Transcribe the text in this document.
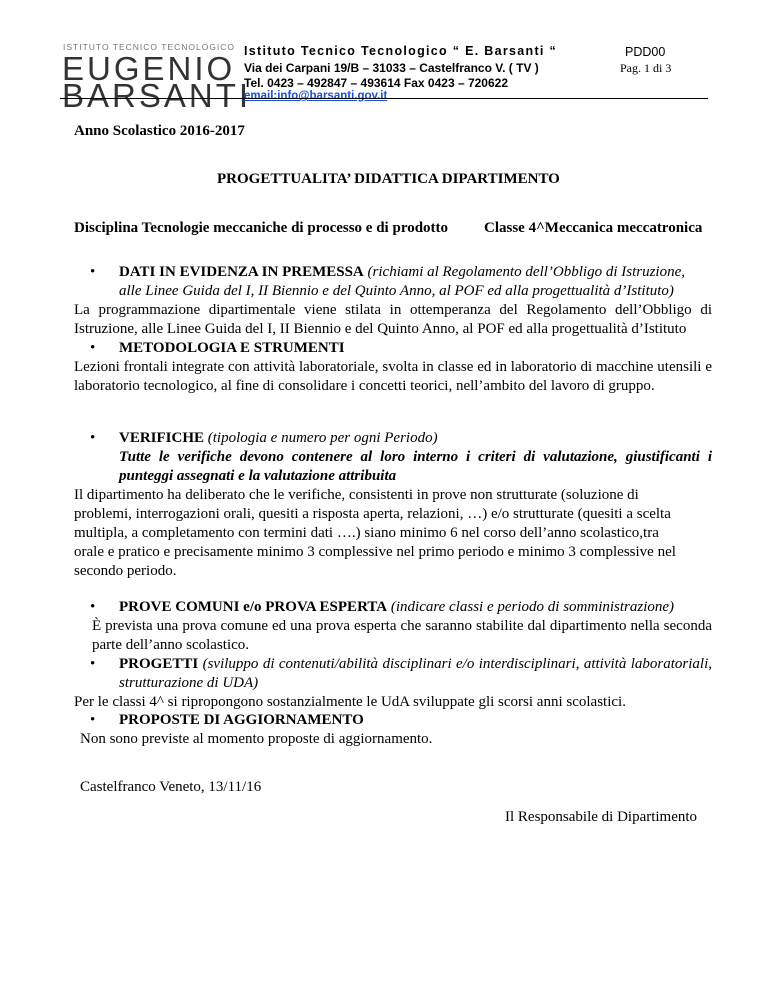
ISTITUTO TECNICO TECNOLOGICO
EUGENIO
BARSANTI
Istituto Tecnico Tecnologico “ E. Barsanti “
Via dei Carpani 19/B – 31033 – Castelfranco V. ( TV )
Tel. 0423 – 492847 – 493614 Fax 0423 – 720622
email:info@barsanti.gov.it
PDD00
Pag. 1 di 3
Anno Scolastico 2016-2017
PROGETTUALITA’ DIDATTICA DIPARTIMENTO
Disciplina Tecnologie meccaniche di processo e di prodotto Classe 4^Meccanica meccatronica
• DATI IN EVIDENZA IN PREMESSA (richiami al Regolamento dell’Obbligo di Istruzione,
alle Linee Guida del I, II Biennio e del Quinto Anno, al POF ed alla progettualità d’Istituto)
La programmazione dipartimentale viene stilata in ottemperanza del Regolamento dell’Obbligo di Istruzione, alle Linee Guida del I, II Biennio e del Quinto Anno, al POF ed alla progettualità d’Istituto
• METODOLOGIA E STRUMENTI
Lezioni frontali integrate con attività laboratoriale, svolta in classe ed in laboratorio di macchine utensili e laboratorio tecnologico, al fine di consolidare i concetti teorici, nell’ambito del lavoro di gruppo.
• VERIFICHE (tipologia e numero per ogni Periodo)
Tutte le verifiche devono contenere al loro interno i criteri di valutazione, giustificanti i punteggi assegnati e la valutazione attribuita
Il dipartimento ha deliberato che le verifiche, consistenti in prove non strutturate (soluzione di
problemi, interrogazioni orali, quesiti a risposta aperta, relazioni, …) e/o strutturate (quesiti a scelta
multipla, a completamento con termini dati ….) siano minimo 6 nel corso dell’anno scolastico,tra
orale e pratico e precisamente minimo 3 complessive nel primo periodo e minimo 3 complessive nel
secondo periodo.
• PROVE COMUNI e/o PROVA ESPERTA (indicare classi e periodo di somministrazione)
È prevista una prova comune ed una prova esperta che saranno stabilite dal dipartimento nella seconda parte dell’anno scolastico.
• PROGETTI (sviluppo di contenuti/abilità disciplinari e/o interdisciplinari, attività laboratoriali, strutturazione di UDA)
Per le classi 4^ si ripropongono sostanzialmente le UdA sviluppate gli scorsi anni scolastici.
• PROPOSTE DI AGGIORNAMENTO
Non sono previste al momento proposte di aggiornamento.
Castelfranco Veneto, 13/11/16
Il Responsabile di Dipartimento
